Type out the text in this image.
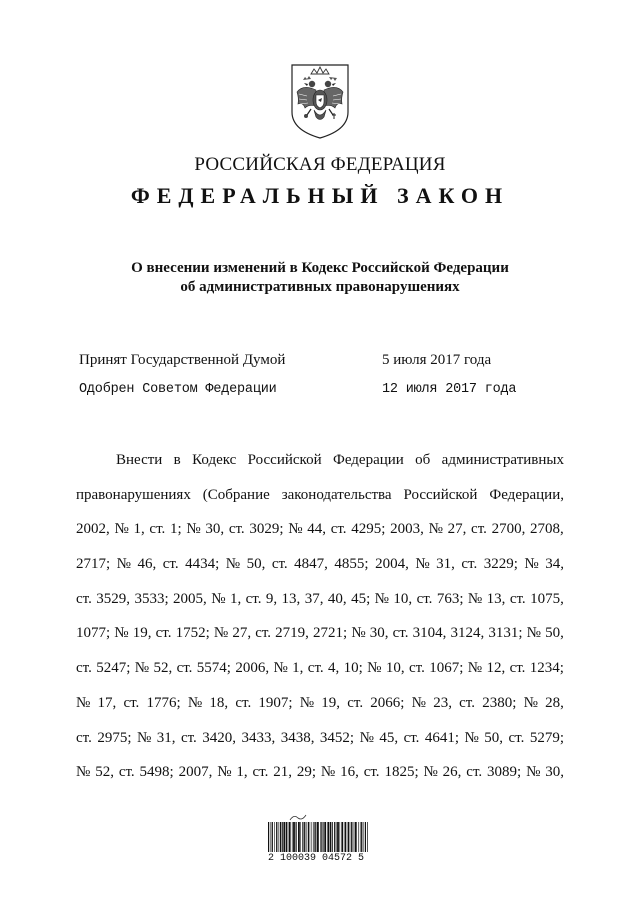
РОССИЙСКАЯ ФЕДЕРАЦИЯ
ФЕДЕРАЛЬНЫЙ ЗАКОН
О внесении изменений в Кодекс Российской Федерации
об административных правонарушениях
Принят Государственной Думой	5 июля 2017 года
Одобрен Советом Федерации	12 июля 2017 года
Внести в Кодекс Российской Федерации об административных
правонарушениях (Собрание законодательства Российской Федерации,
2002, № 1, ст. 1; № 30, ст. 3029; № 44, ст. 4295; 2003, № 27, ст. 2700, 2708,
2717; № 46, ст. 4434; № 50, ст. 4847, 4855; 2004, № 31, ст. 3229; № 34,
ст. 3529, 3533; 2005, № 1, ст. 9, 13, 37, 40, 45; № 10, ст. 763; № 13, ст. 1075,
1077; № 19, ст. 1752; № 27, ст. 2719, 2721; № 30, ст. 3104, 3124, 3131; № 50,
ст. 5247; № 52, ст. 5574; 2006, № 1, ст. 4, 10; № 10, ст. 1067; № 12, ст. 1234;
№ 17, ст. 1776; № 18, ст. 1907; № 19, ст. 2066; № 23, ст. 2380; № 28,
ст. 2975; № 31, ст. 3420, 3433, 3438, 3452; № 45, ст. 4641; № 50, ст. 5279;
№ 52, ст. 5498; 2007, № 1, ст. 21, 29; № 16, ст. 1825; № 26, ст. 3089; № 30,
2 100039 04572 5
